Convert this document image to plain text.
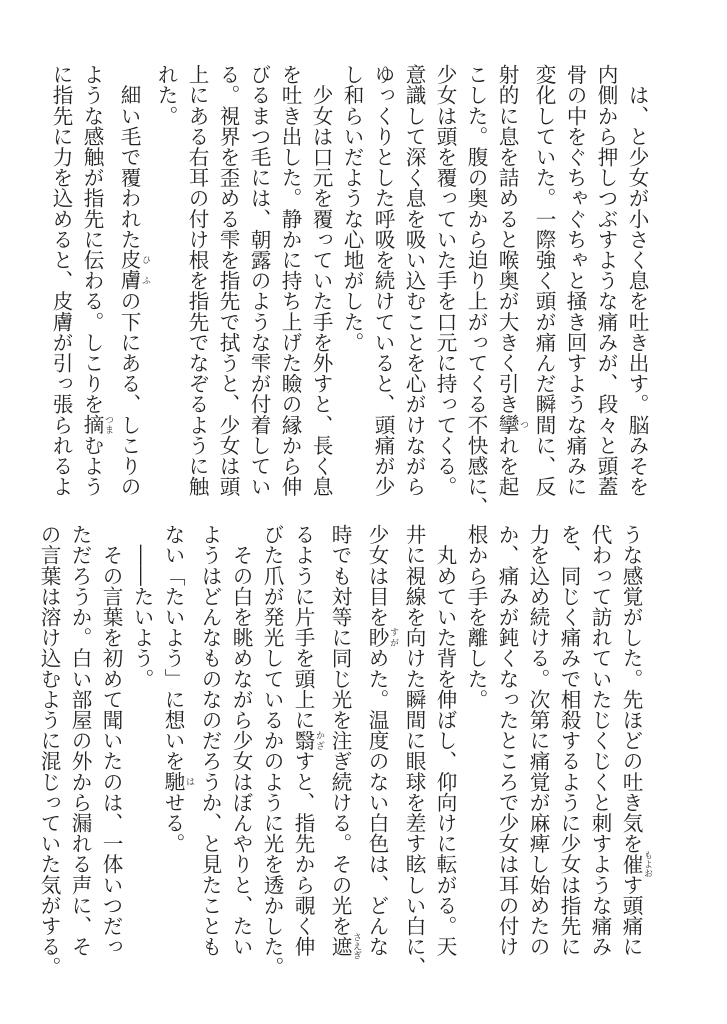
　は、と少女が小さく息を吐き出す。脳みそを
内側から押しつぶすような痛みが、段々と頭蓋
骨の中をぐちゃぐちゃと掻き回すような痛みに
変化していた。一際強く頭が痛んだ瞬間に、反
射的に息を詰めると喉奥が大きく引き攣 つれを起
こした。腹の奥から迫り上がってくる不快感に、
少女は頭を覆っていた手を口元に持ってくる。
意識して深く息を吸い込むことを心がけながら
ゆっくりとした呼吸を続けていると、頭痛が少
し和らいだような心地がした。
　少女は口元を覆っていた手を外すと、長く息
を吐き出した。静かに持ち上げた瞼の縁から伸
びるまつ毛には、朝露のような雫が付着してい
る。視界を歪める雫を指先で拭うと、少女は頭
上にある右耳の付け根を指先でなぞるように触
れた。
　細い毛で覆われた皮膚 ひふの下にある、しこりの
ような感触が指先に伝わる。しこりを摘 つまむよう
に指先に力を込めると、皮膚が引っ張られるよ
うな感覚がした。先ほどの吐き気を催 もよおす頭痛に
代わって訪れていたじくじくと刺すような痛み
を、同じく痛みで相殺するように少女は指先に
力を込め続ける。次第に痛覚が麻痺し始めたの
か、痛みが鈍くなったところで少女は耳の付け
根から手を離した。
　丸めていた背を伸ばし、仰向けに転がる。天
井に視線を向けた瞬間に眼球を差す眩しい白に、
少女は目を眇 すがめた。温度のない白色は、どんな
時でも対等に同じ光を注ぎ続ける。その光を遮 さえぎ
るように片手を頭上に翳 かざすと、指先から覗く伸
びた爪が発光しているかのように光を透かした。
　その白を眺めながら少女はぼんやりと、たい
ようはどんなものなのだろうか、と見たことも
ない「たいよう」に想いを馳 はせる。
　――たいよう。
　その言葉を初めて聞いたのは、一体いつだっ
ただろうか。白い部屋の外から漏れる声に、そ
の言葉は溶け込むように混じっていた気がする。
